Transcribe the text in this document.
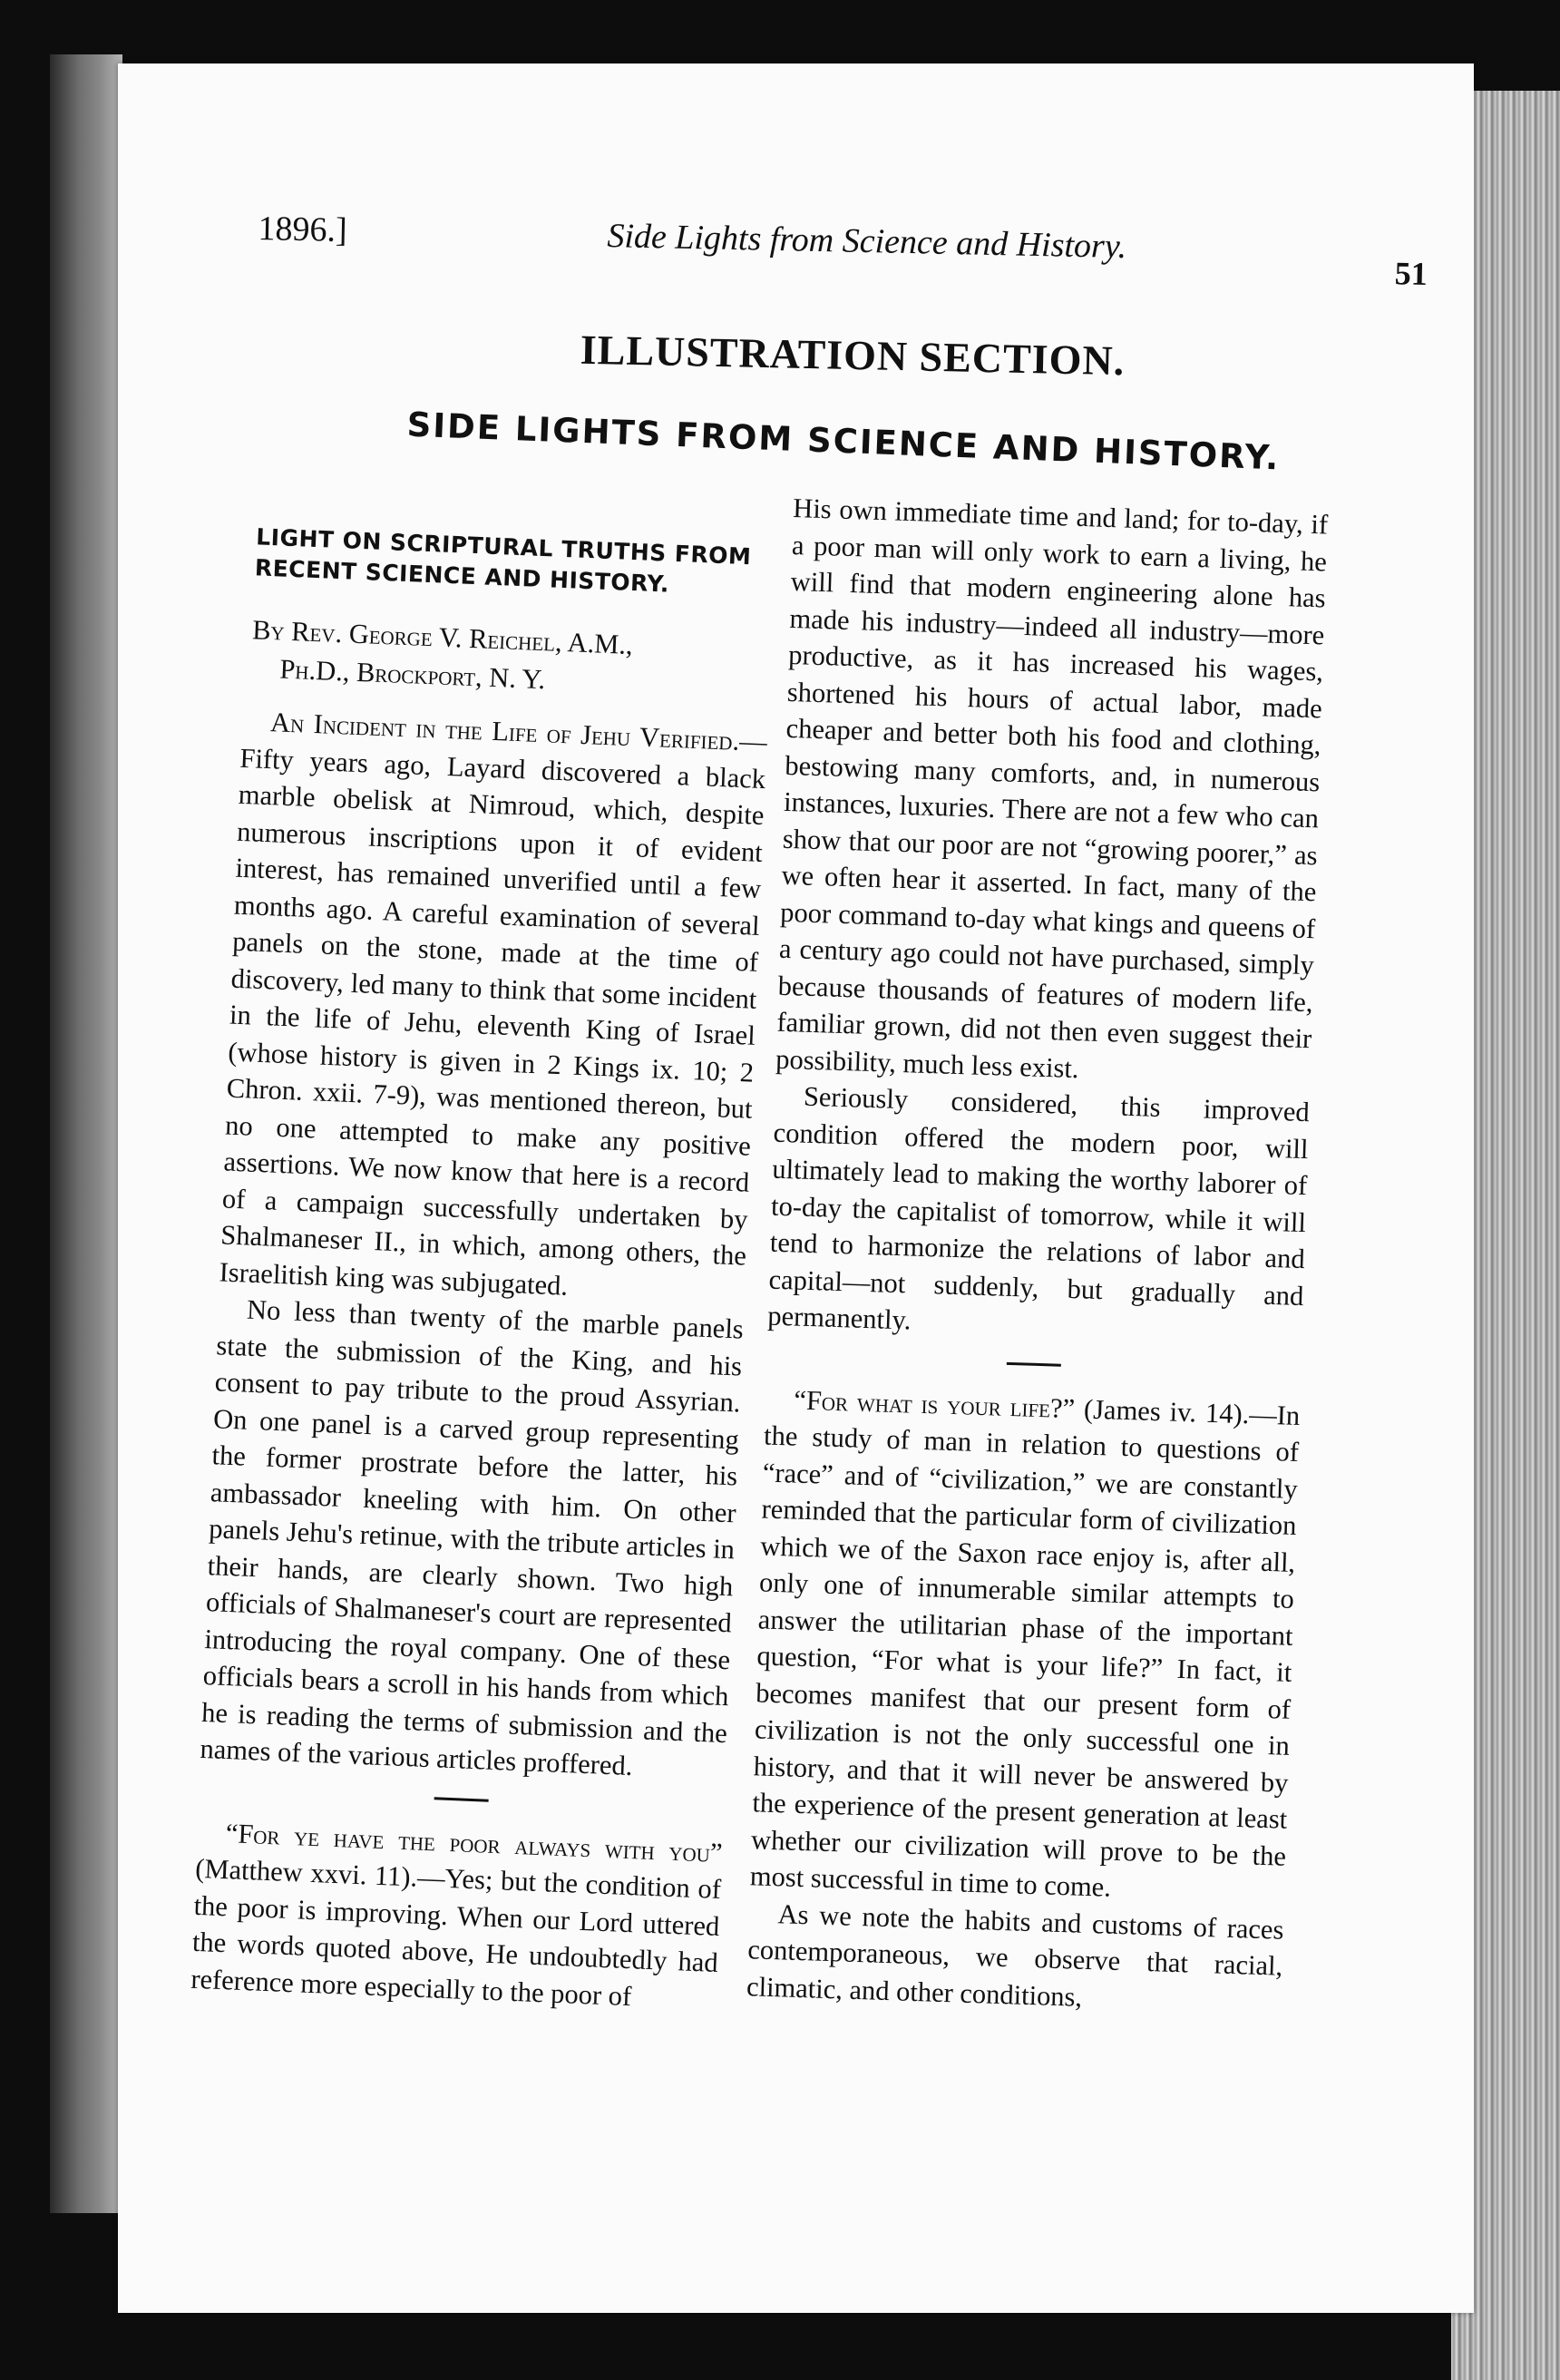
1896.]	Side Lights from Science and History.
51
ILLUSTRATION SECTION.
SIDE LIGHTS FROM SCIENCE AND HISTORY.
LIGHT ON SCRIPTURAL TRUTHS FROM RECENT SCIENCE AND HISTORY.
By Rev. George V. Reichel, A.M.,
Ph.D., Brockport, N. Y.

An Incident in the Life of Jehu Verified.—Fifty years ago, Layard discovered a black marble obelisk at Nimroud, which, despite numerous inscriptions upon it of evident interest, has remained unverified until a few months ago. A careful examination of several panels on the stone, made at the time of discovery, led many to think that some incident in the life of Jehu, eleventh King of Israel (whose history is given in 2 Kings ix. 10; 2 Chron. xxii. 7-9), was mentioned thereon, but no one attempted to make any positive assertions. We now know that here is a record of a campaign successfully undertaken by Shalmaneser II., in which, among others, the Israelitish king was subjugated.

No less than twenty of the marble panels state the submission of the King, and his consent to pay tribute to the proud Assyrian. On one panel is a carved group representing the former prostrate before the latter, his ambassador kneeling with him. On other panels Jehu's retinue, with the tribute articles in their hands, are clearly shown. Two high officials of Shalmaneser's court are represented introducing the royal company. One of these officials bears a scroll in his hands from which he is reading the terms of submission and the names of the various articles proffered.

“For ye have the poor always with you” (Matthew xxvi. 11).—Yes; but the condition of the poor is improving. When our Lord uttered the words quoted above, He undoubtedly had reference more especially to the poor of

His own immediate time and land; for to-day, if a poor man will only work to earn a living, he will find that modern engineering alone has made his industry—indeed all industry—more productive, as it has increased his wages, shortened his hours of actual labor, made cheaper and better both his food and clothing, bestowing many comforts, and, in numerous instances, luxuries. There are not a few who can show that our poor are not “growing poorer,” as we often hear it asserted. In fact, many of the poor command to-day what kings and queens of a century ago could not have purchased, simply because thousands of features of modern life, familiar grown, did not then even suggest their possibility, much less exist.

Seriously considered, this improved condition offered the modern poor, will ultimately lead to making the worthy laborer of to-day the capitalist of tomorrow, while it will tend to harmonize the relations of labor and capital—not suddenly, but gradually and permanently.

“For what is your life?” (James iv. 14).—In the study of man in relation to questions of “race” and of “civilization,” we are constantly reminded that the particular form of civilization which we of the Saxon race enjoy is, after all, only one of innumerable similar attempts to answer the utilitarian phase of the important question, “For what is your life?” In fact, it becomes manifest that our present form of civilization is not the only successful one in history, and that it will never be answered by the experience of the present generation at least whether our civilization will prove to be the most successful in time to come.

As we note the habits and customs of races contemporaneous, we observe that racial, climatic, and other conditions,
